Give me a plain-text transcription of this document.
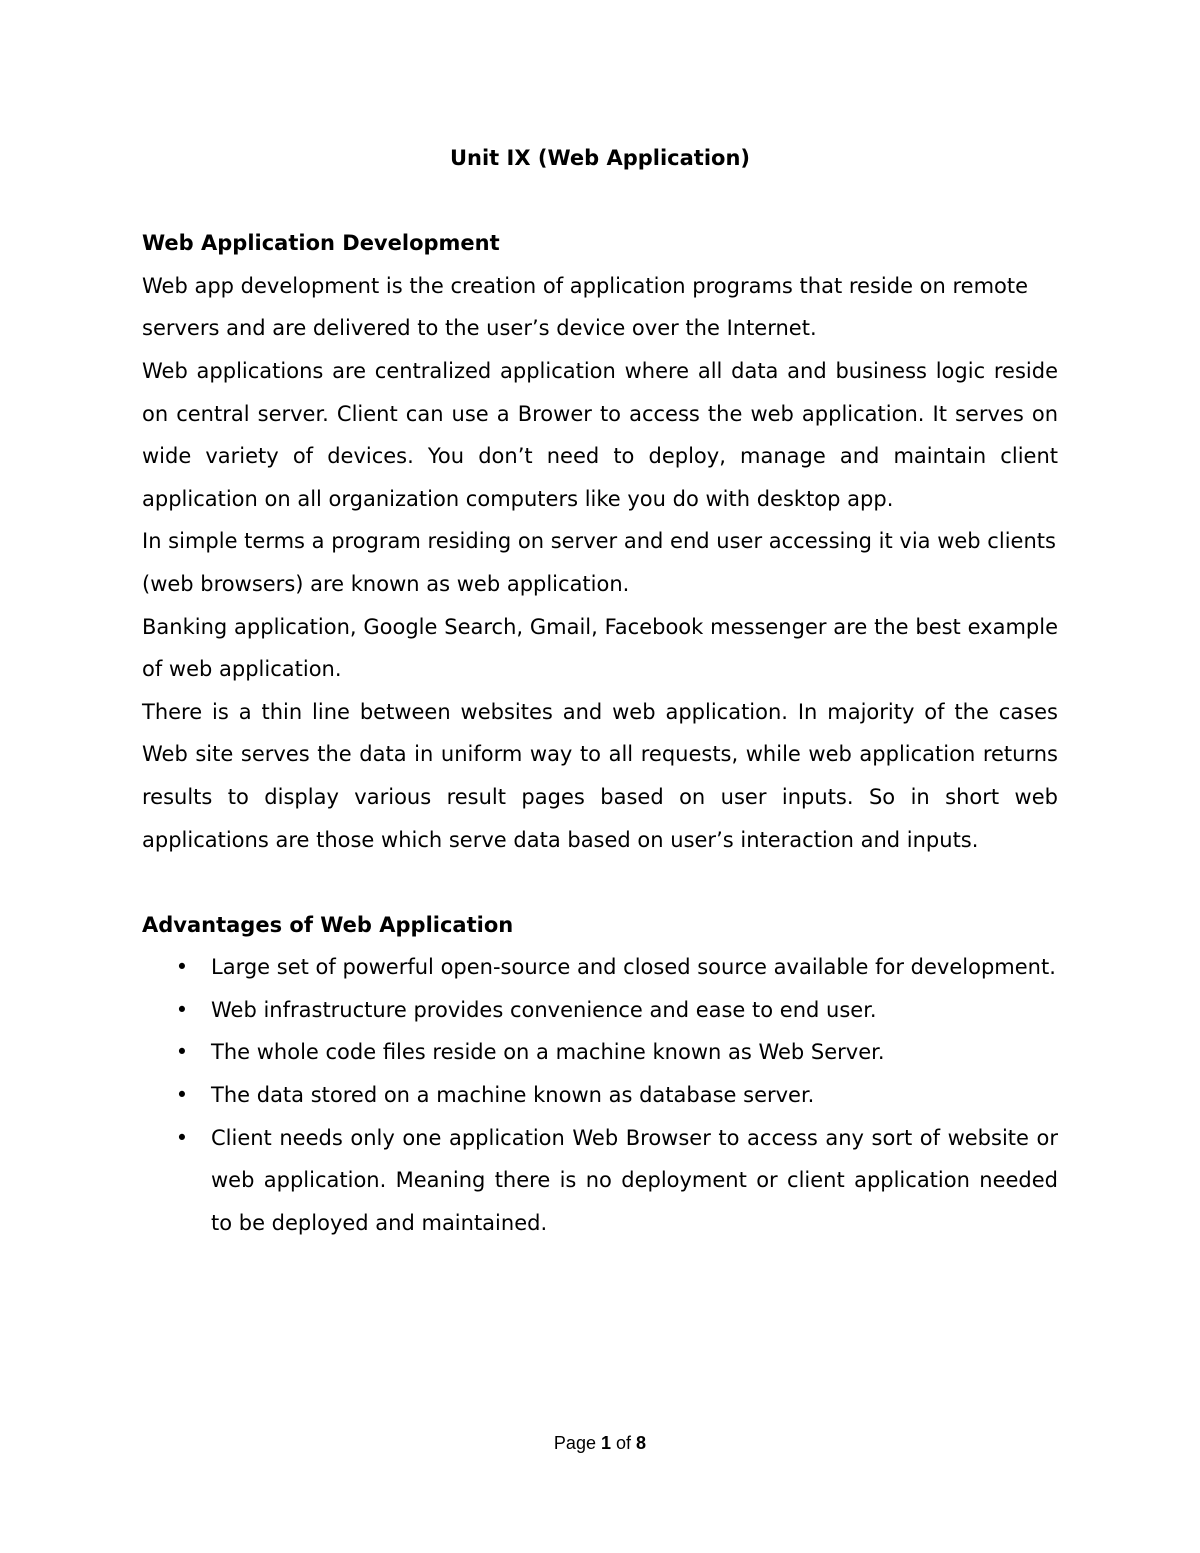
Unit IX (Web Application)
Web Application Development

Web app development is the creation of application programs that reside on remote servers and are delivered to the user’s device over the Internet.

Web applications are centralized application where all data and business logic reside on central server. Client can use a Brower to access the web application. It serves on wide variety of devices. You don’t need to deploy, manage and maintain client application on all organization computers like you do with desktop app.

In simple terms a program residing on server and end user accessing it via web clients (web browsers) are known as web application.

Banking application, Google Search, Gmail, Facebook messenger are the best example of web application.

There is a thin line between websites and web application. In majority of the cases Web site serves the data in uniform way to all requests, while web application returns results to display various result pages based on user inputs. So in short web applications are those which serve data based on user’s interaction and inputs.

Advantages of Web Application
• Large set of powerful open-source and closed source available for development.
• Web infrastructure provides convenience and ease to end user.
• The whole code files reside on a machine known as Web Server.
• The data stored on a machine known as database server.
• Client needs only one application Web Browser to access any sort of website or web application. Meaning there is no deployment or client application needed to be deployed and maintained.
Page 1 of 8
